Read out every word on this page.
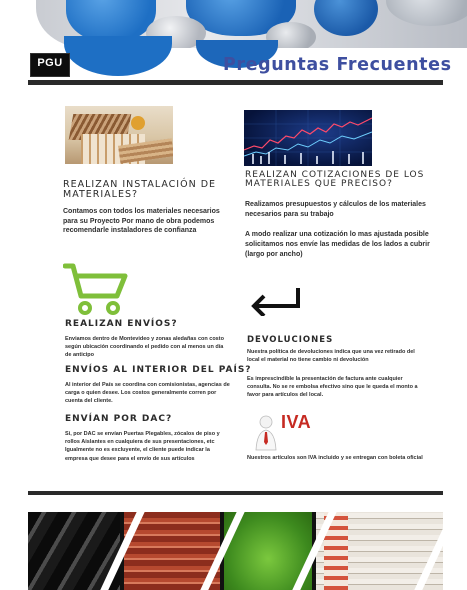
PGU
	Preguntas Frecuentes
REALIZAN INSTALACIÓN DE MATERIALES?
Contamos con todos los materiales necesarios para su Proyecto Por mano de obra podemos recomendarle instaladores de confianza
REALIZAN ENVÍOS?
Enviamos dentro de Montevideo y zonas aledañas con costo según ubicación coordinando el pedido con al menos un día de anticipo
ENVÍOS AL INTERIOR DEL PAÍS?
Al interior del País se coordina con comisionistas, agencias de carga o quien desee. Los costos generalmente corren por cuenta del cliente.
ENVÍAN POR DAC?
Si, por DAC se envían Puertas Plegables, zócalos de piso y rollos Aislantes en cualquiera de sus presentaciones, etc Igualmente no es excluyente, el cliente puede indicar la empresa que desee para el envío de sus artículos
REALIZAN COTIZACIONES DE LOS MATERIALES QUE PRECISO?
Realizamos presupuestos y cálculos de los materiales necesarios para su trabajo
A modo realizar una cotización lo mas ajustada posible solicitamos nos envíe las medidas de los lados a cubrir (largo por ancho)
DEVOLUCIONES
Nuestra política de devoluciones indica que una vez retirado del local el material no tiene cambio ni devolución
Es imprescindible la presentación de factura ante cualquier consulta. No se re embolsa efectivo sino que le queda el monto a favor para artículos del local.
IVA
Nuestros artículos son IVA incluido y se entregan con boleta oficial
